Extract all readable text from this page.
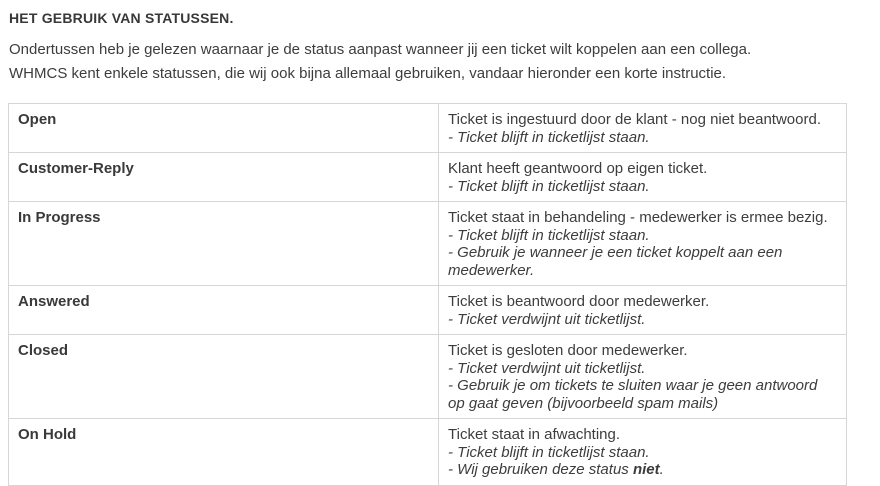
HET GEBRUIK VAN STATUSSEN.

Ondertussen heb je gelezen waarnaar je de status aanpast wanneer jij een ticket wilt koppelen aan een collega.

WHMCS kent enkele statussen, die wij ook bijna allemaal gebruiken, vandaar hieronder een korte instructie.

Open	Ticket is ingestuurd door de klant - nog niet beantwoord.
- Ticket blijft in ticketlijst staan.

Customer-Reply	Klant heeft geantwoord op eigen ticket.
- Ticket blijft in ticketlijst staan.

In Progress	Ticket staat in behandeling - medewerker is ermee bezig.
- Ticket blijft in ticketlijst staan.
- Gebruik je wanneer je een ticket koppelt aan een medewerker.

Answered	Ticket is beantwoord door medewerker.
- Ticket verdwijnt uit ticketlijst.

Closed	Ticket is gesloten door medewerker.
- Ticket verdwijnt uit ticketlijst.
- Gebruik je om tickets te sluiten waar je geen antwoord op gaat geven (bijvoorbeeld spam mails)

On Hold	Ticket staat in afwachting.
- Ticket blijft in ticketlijst staan.
- Wij gebruiken deze status niet.
